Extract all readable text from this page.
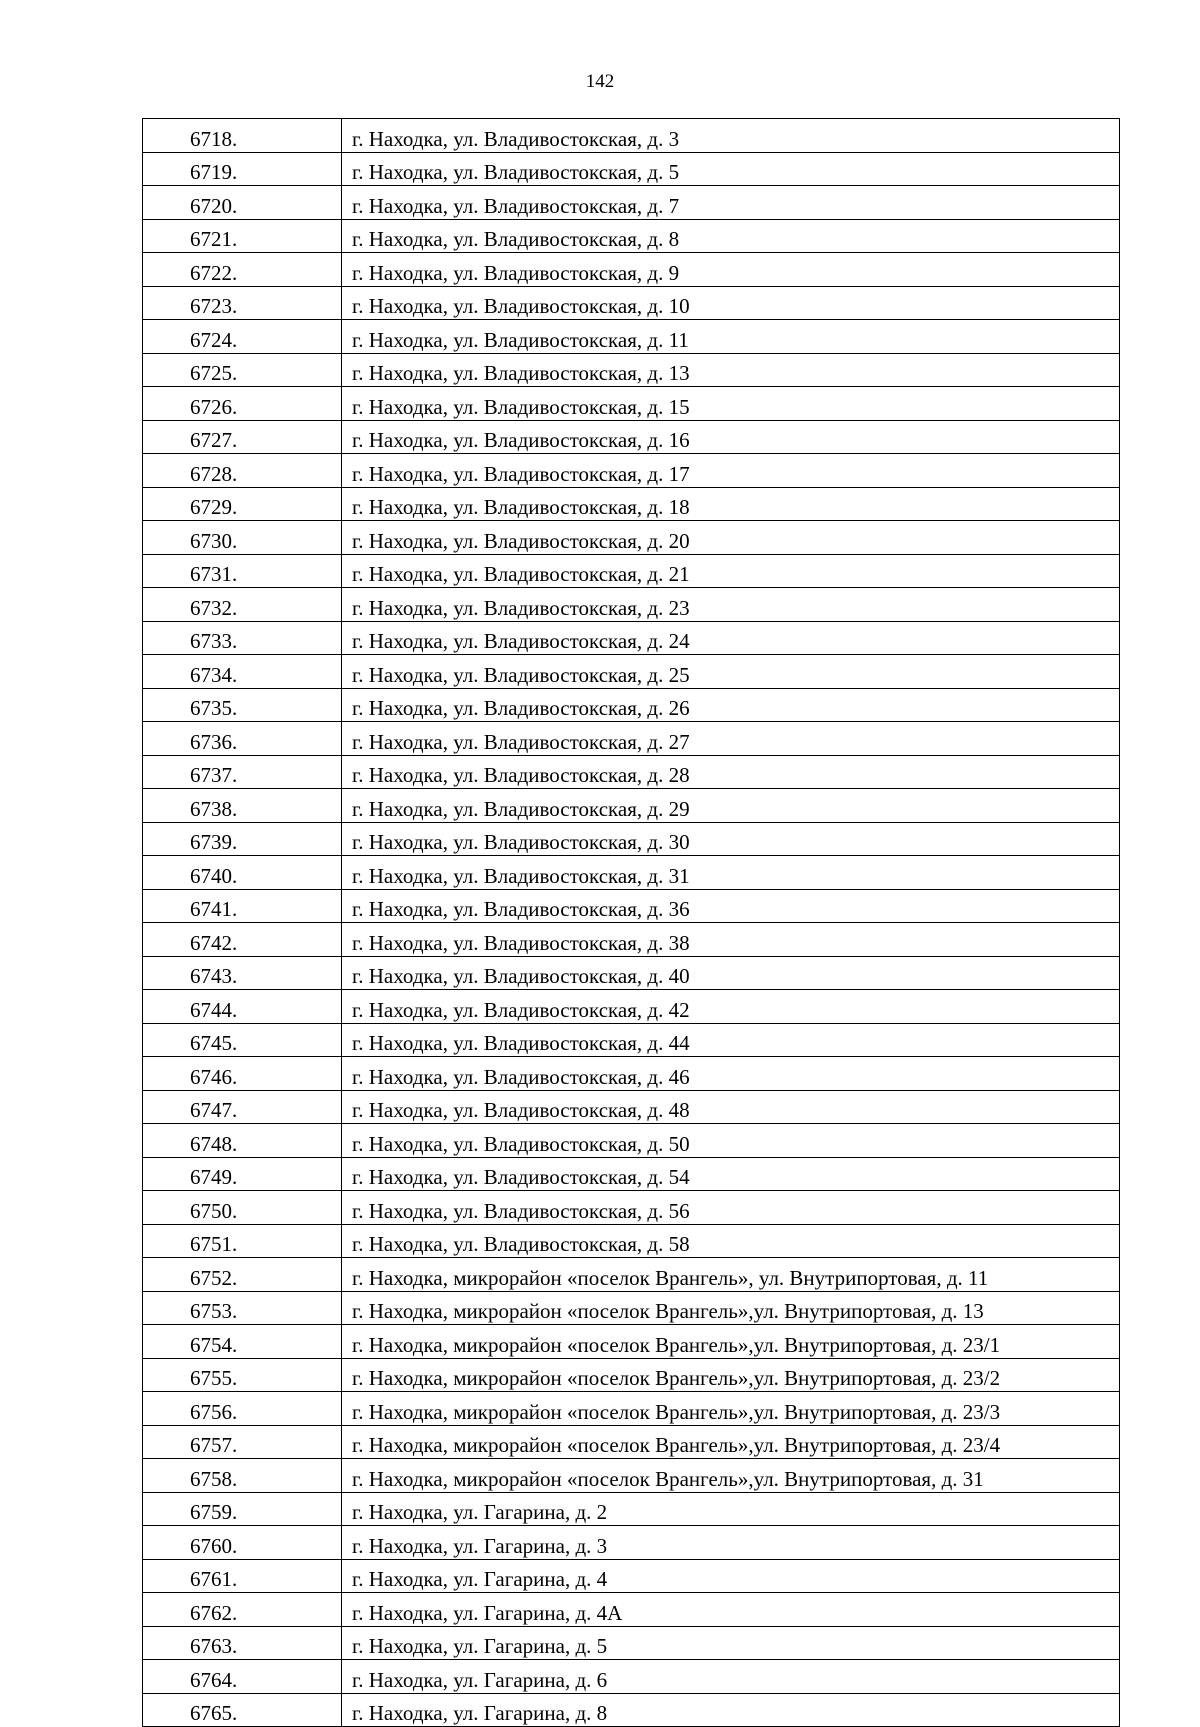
142
6718.	г. Находка, ул. Владивостокская, д. 3
6719.	г. Находка, ул. Владивостокская, д. 5
6720.	г. Находка, ул. Владивостокская, д. 7
6721.	г. Находка, ул. Владивостокская, д. 8
6722.	г. Находка, ул. Владивостокская, д. 9
6723.	г. Находка, ул. Владивостокская, д. 10
6724.	г. Находка, ул. Владивостокская, д. 11
6725.	г. Находка, ул. Владивостокская, д. 13
6726.	г. Находка, ул. Владивостокская, д. 15
6727.	г. Находка, ул. Владивостокская, д. 16
6728.	г. Находка, ул. Владивостокская, д. 17
6729.	г. Находка, ул. Владивостокская, д. 18
6730.	г. Находка, ул. Владивостокская, д. 20
6731.	г. Находка, ул. Владивостокская, д. 21
6732.	г. Находка, ул. Владивостокская, д. 23
6733.	г. Находка, ул. Владивостокская, д. 24
6734.	г. Находка, ул. Владивостокская, д. 25
6735.	г. Находка, ул. Владивостокская, д. 26
6736.	г. Находка, ул. Владивостокская, д. 27
6737.	г. Находка, ул. Владивостокская, д. 28
6738.	г. Находка, ул. Владивостокская, д. 29
6739.	г. Находка, ул. Владивостокская, д. 30
6740.	г. Находка, ул. Владивостокская, д. 31
6741.	г. Находка, ул. Владивостокская, д. 36
6742.	г. Находка, ул. Владивостокская, д. 38
6743.	г. Находка, ул. Владивостокская, д. 40
6744.	г. Находка, ул. Владивостокская, д. 42
6745.	г. Находка, ул. Владивостокская, д. 44
6746.	г. Находка, ул. Владивостокская, д. 46
6747.	г. Находка, ул. Владивостокская, д. 48
6748.	г. Находка, ул. Владивостокская, д. 50
6749.	г. Находка, ул. Владивостокская, д. 54
6750.	г. Находка, ул. Владивостокская, д. 56
6751.	г. Находка, ул. Владивостокская, д. 58
6752.	г. Находка, микрорайон «поселок Врангель», ул. Внутрипортовая, д. 11
6753.	г. Находка, микрорайон «поселок Врангель»,ул. Внутрипортовая, д. 13
6754.	г. Находка, микрорайон «поселок Врангель»,ул. Внутрипортовая, д. 23/1
6755.	г. Находка, микрорайон «поселок Врангель»,ул. Внутрипортовая, д. 23/2
6756.	г. Находка, микрорайон «поселок Врангель»,ул. Внутрипортовая, д. 23/3
6757.	г. Находка, микрорайон «поселок Врангель»,ул. Внутрипортовая, д. 23/4
6758.	г. Находка, микрорайон «поселок Врангель»,ул. Внутрипортовая, д. 31
6759.	г. Находка, ул. Гагарина, д. 2
6760.	г. Находка, ул. Гагарина, д. 3
6761.	г. Находка, ул. Гагарина, д. 4
6762.	г. Находка, ул. Гагарина, д. 4А
6763.	г. Находка, ул. Гагарина, д. 5
6764.	г. Находка, ул. Гагарина, д. 6
6765.	г. Находка, ул. Гагарина, д. 8
